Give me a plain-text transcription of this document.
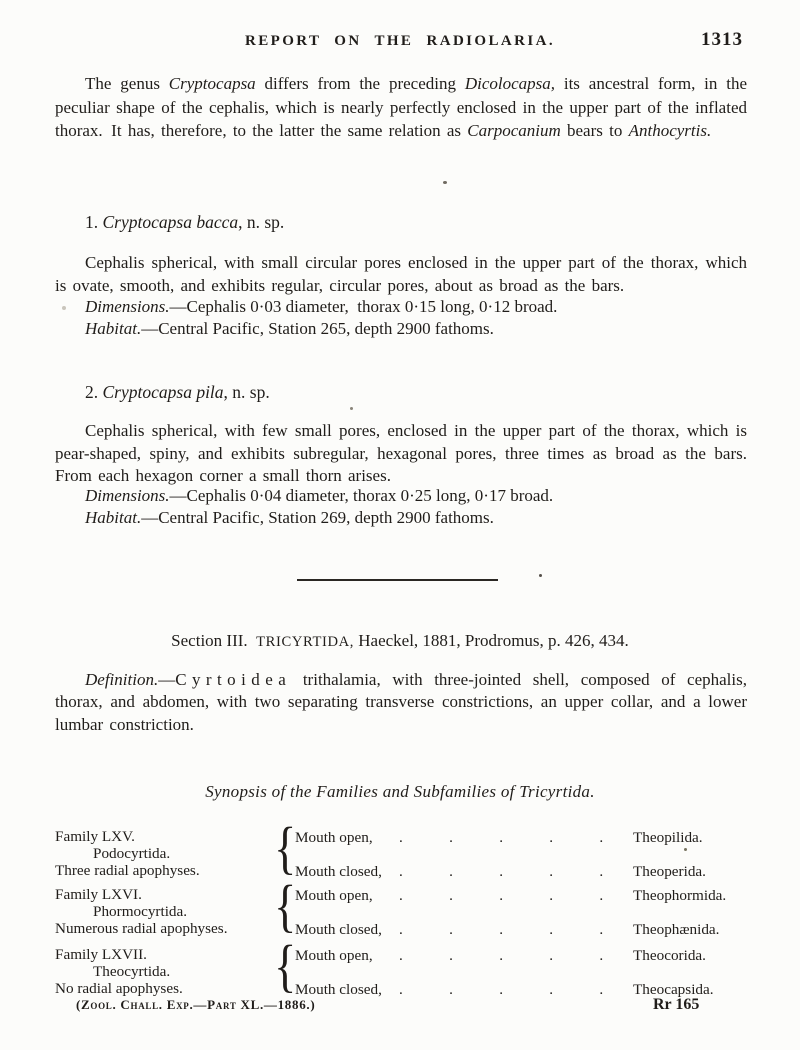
REPORT ON THE RADIOLARIA.	1313

The genus Cryptocapsa differs from the preceding Dicolocapsa, its ancestral form, in the peculiar shape of the cephalis, which is nearly perfectly enclosed in the upper part of the inflated thorax. It has, therefore, to the latter the same relation as Carpocanium bears to Anthocyrtis.

1. Cryptocapsa bacca, n. sp.

Cephalis spherical, with small circular pores enclosed in the upper part of the thorax, which is ovate, smooth, and exhibits regular, circular pores, about as broad as the bars.

Dimensions.—Cephalis 0·03 diameter, thorax 0·15 long, 0·12 broad.

Habitat.—Central Pacific, Station 265, depth 2900 fathoms.

2. Cryptocapsa pila, n. sp.

Cephalis spherical, with few small pores, enclosed in the upper part of the thorax, which is pear-shaped, spiny, and exhibits subregular, hexagonal pores, three times as broad as the bars. From each hexagon corner a small thorn arises.

Dimensions.—Cephalis 0·04 diameter, thorax 0·25 long, 0·17 broad.

Habitat.—Central Pacific, Station 269, depth 2900 fathoms.

Section III. TRICYRTIDA, Haeckel, 1881, Prodromus, p. 426, 434.

Definition.—Cyrtoidea trithalamia, with three-jointed shell, composed of cephalis, thorax, and abdomen, with two separating transverse constrictions, an upper collar, and a lower lumbar constriction.

Synopsis of the Families and Subfamilies of Tricyrtida.
Family LXV.
Podocyrtida.
Three radial apophyses. {
Mouth open, . . . . . Theopilida.
Mouth closed, . . . . . Theoperida.
Family LXVI.
Phormocyrtida.
Numerous radial apophyses. {
Mouth open, . . . . . Theophormida.
Mouth closed, . . . . . Theophænida.
Family LXVII.
Theocyrtida.
No radial apophyses. {
Mouth open, . . . . . Theocorida.
Mouth closed, . . . . . Theocapsida.
(Zool. Chall. Exp.—Part XL.—1886.)	Rr 165
